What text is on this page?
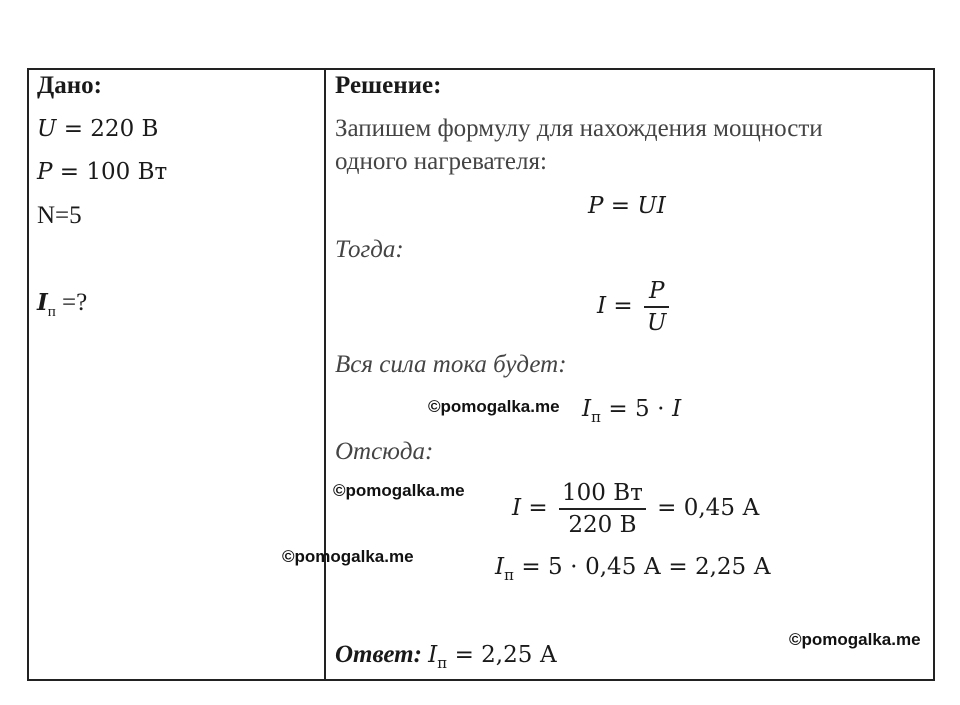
Дано:
U = 220 В
P = 100 Вт
N=5
$I_п$ =?
Решение:
Запишем формулу для нахождения мощности
одного нагревателя:
P = UI
Тогда:
$I = \frac{P}{U}$
Вся сила тока будет:
$I_п = 5 \cdot I$
Отсюда:
$I = \frac{100 Вт}{220 В} = 0,45$ А
$I_п = 5 \cdot 0,45$ А = 2,25 А
Ответ: $I_п = 2,25$ А
©pomogalka.me
©pomogalka.me
©pomogalka.me
©pomogalka.me
